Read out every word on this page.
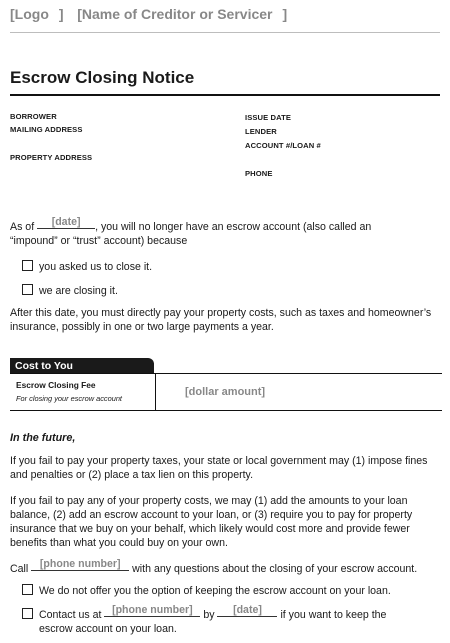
[Logo ] [Name of Creditor or Servicer ]
Escrow Closing Notice
BORROWER
MAILING ADDRESS
PROPERTY ADDRESS
ISSUE DATE
LENDER
ACCOUNT #/LOAN #
PHONE
As of [date] , you will no longer have an escrow account (also called an
“impound” or “trust” account) because
you asked us to close it.
we are closing it.
After this date, you must directly pay your property costs, such as taxes and homeowner’s insurance, possibly in one or two large payments a year.
Cost to You
Escrow Closing Fee
For closing your escrow account
[dollar amount]
In the future,
If you fail to pay your property taxes, your state or local government may (1) impose fines and penalties or (2) place a tax lien on this property.
If you fail to pay any of your property costs, we may (1) add the amounts to your loan balance, (2) add an escrow account to your loan, or (3) require you to pay for property insurance that we buy on your behalf, which likely would cost more and provide fewer benefits than what you could buy on your own.
Call [phone number] with any questions about the closing of your escrow account.
We do not offer you the option of keeping the escrow account on your loan.
Contact us at [phone number] by [date] if you want to keep the
escrow account on your loan.
